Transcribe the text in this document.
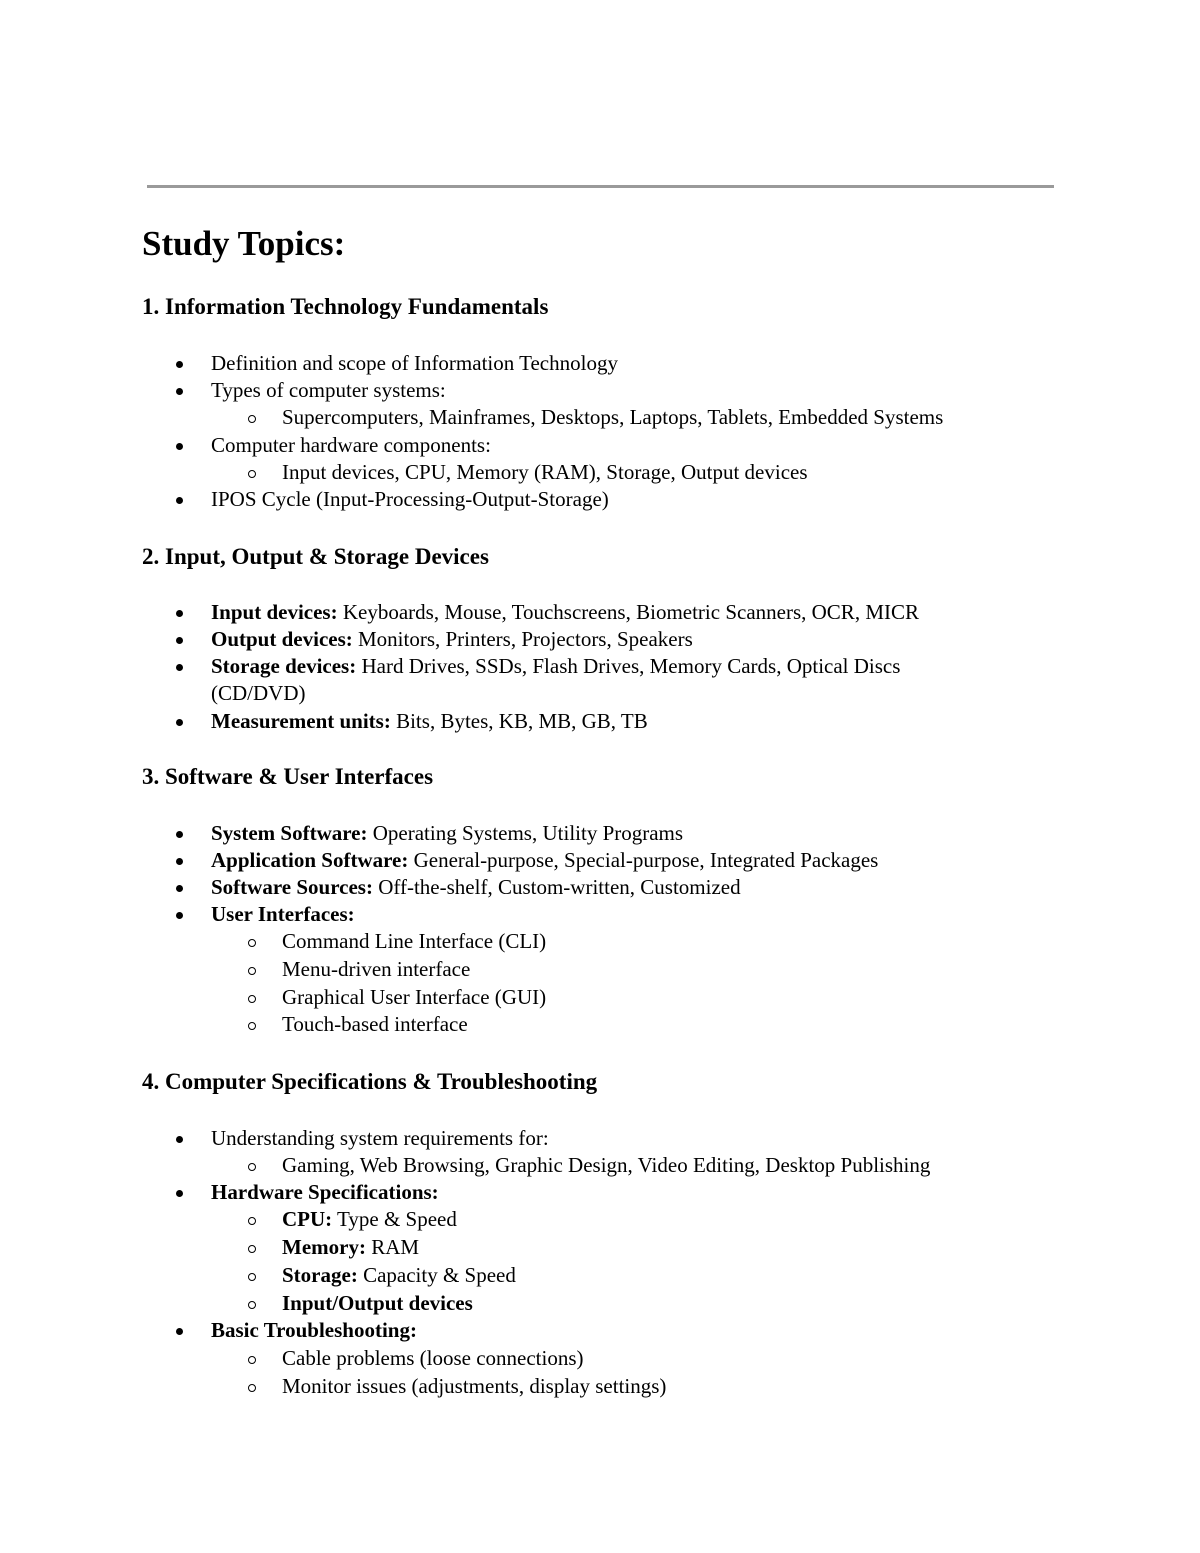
Study Topics:
1. Information Technology Fundamentals
Definition and scope of Information Technology
Types of computer systems:
Supercomputers, Mainframes, Desktops, Laptops, Tablets, Embedded Systems
Computer hardware components:
Input devices, CPU, Memory (RAM), Storage, Output devices
IPOS Cycle (Input-Processing-Output-Storage)
2. Input, Output & Storage Devices
Input devices: Keyboards, Mouse, Touchscreens, Biometric Scanners, OCR, MICR
Output devices: Monitors, Printers, Projectors, Speakers
Storage devices: Hard Drives, SSDs, Flash Drives, Memory Cards, Optical Discs
(CD/DVD)
Measurement units: Bits, Bytes, KB, MB, GB, TB
3. Software & User Interfaces
System Software: Operating Systems, Utility Programs
Application Software: General-purpose, Special-purpose, Integrated Packages
Software Sources: Off-the-shelf, Custom-written, Customized
User Interfaces:
Command Line Interface (CLI)
Menu-driven interface
Graphical User Interface (GUI)
Touch-based interface
4. Computer Specifications & Troubleshooting
Understanding system requirements for:
Gaming, Web Browsing, Graphic Design, Video Editing, Desktop Publishing
Hardware Specifications:
CPU: Type & Speed
Memory: RAM
Storage: Capacity & Speed
Input/Output devices
Basic Troubleshooting:
Cable problems (loose connections)
Monitor issues (adjustments, display settings)
